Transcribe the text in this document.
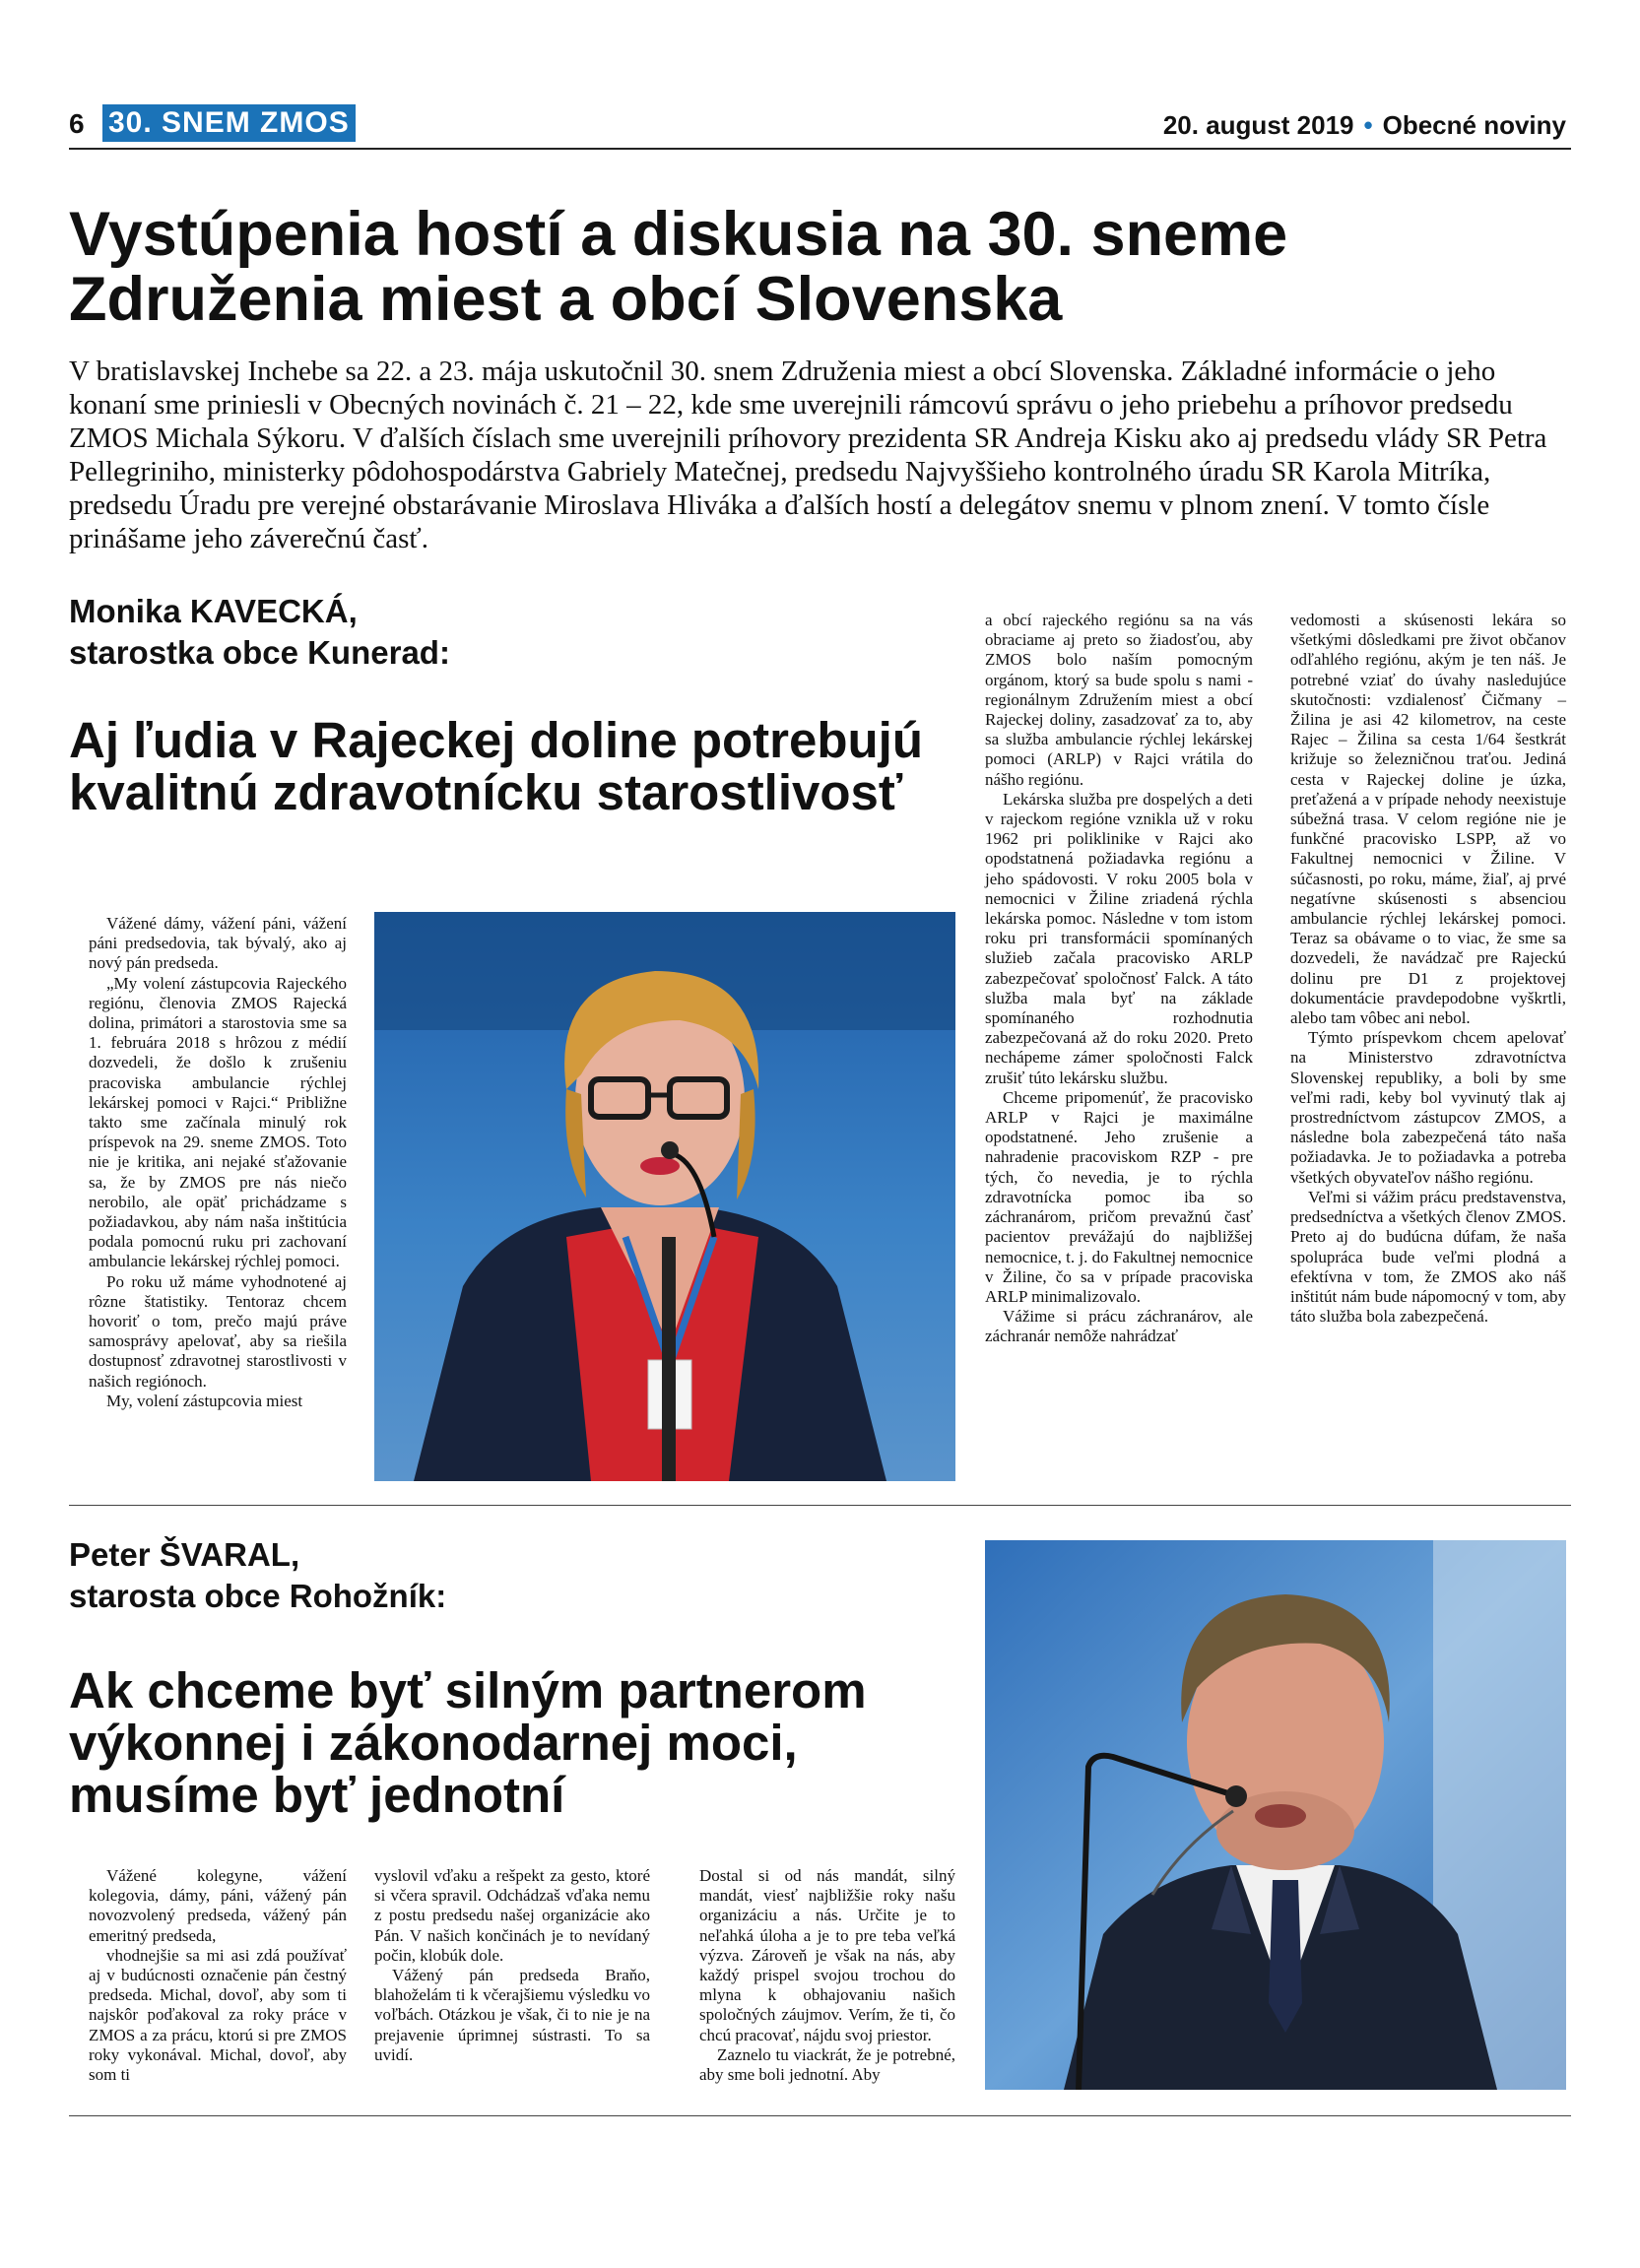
6 30. SNEM ZMOS	20. august 2019 • Obecné noviny
Vystúpenia hostí a diskusia na 30. sneme Združenia miest a obcí Slovenska

V bratislavskej Inchebe sa 22. a 23. mája uskutočnil 30. snem Združenia miest a obcí Slovenska. Základné informácie o jeho konaní sme priniesli v Obecných novinách č. 21 – 22, kde sme uverejnili rámcovú správu o jeho priebehu a príhovor predsedu ZMOS Michala Sýkoru. V ďalších číslach sme uverejnili príhovory prezidenta SR Andreja Kisku ako aj predsedu vlády SR Petra Pellegriniho, ministerky pôdohospodárstva Gabriely Matečnej, predsedu Najvyššieho kontrolného úradu SR Karola Mitríka, predsedu Úradu pre verejné obstarávanie Miroslava Hliváka a ďalších hostí a delegátov snemu v plnom znení. V tomto čísle prinášame jeho záverečnú časť.

Monika KAVECKÁ,

starostka obce Kunerad:

Aj ľudia v Rajeckej doline potrebujú kvalitnú zdravotnícku starostlivosť

Vážené dámy, vážení páni, vážení páni predsedovia, tak bývalý, ako aj nový pán predseda.

„My volení zástupcovia Rajeckého regiónu, členovia ZMOS Rajecká dolina, primátori a starostovia sme sa 1. februára 2018 s hrôzou z médií dozvedeli, že došlo k zrušeniu pracoviska ambulancie rýchlej lekárskej pomoci v Rajci.“ Približne takto sme začínala minulý rok príspevok na 29. sneme ZMOS. Toto nie je kritika, ani nejaké sťažovanie sa, že by ZMOS pre nás niečo nerobilo, ale opäť prichádzame s požiadavkou, aby nám naša inštitúcia podala pomocnú ruku pri zachovaní ambulancie lekárskej rýchlej pomoci.

Po roku už máme vyhodnotené aj rôzne štatistiky. Tentoraz chcem hovoriť o tom, prečo majú práve samosprávy apelovať, aby sa riešila dostupnosť zdravotnej starostlivosti v našich regiónoch.

My, volení zástupcovia miest

a obcí rajeckého regiónu sa na vás obraciame aj preto so žiadosťou, aby ZMOS bolo naším pomocným orgánom, ktorý sa bude spolu s nami - regionálnym Združením miest a obcí Rajeckej doliny, zasadzovať za to, aby sa služba ambulancie rýchlej lekárskej pomoci (ARLP) v Rajci vrátila do nášho regiónu.

Lekárska služba pre dospelých a deti v rajeckom regióne vznikla už v roku 1962 pri poliklinike v Rajci ako opodstatnená požiadavka regiónu a jeho spádovosti. V roku 2005 bola v nemocnici v Žiline zriadená rýchla lekárska pomoc. Následne v tom istom roku pri transformácii spomínaných služieb začala pracovisko ARLP zabezpečovať spoločnosť Falck. A táto služba mala byť na základe spomínaného rozhodnutia zabezpečovaná až do roku 2020. Preto nechápeme zámer spoločnosti Falck zrušiť túto lekársku službu.

Chceme pripomenúť, že pracovisko ARLP v Rajci je maximálne opodstatnené. Jeho zrušenie a nahradenie pracoviskom RZP - pre tých, čo nevedia, je to rýchla zdravotnícka pomoc iba so záchranárom, pričom prevažnú časť pacientov prevážajú do najbližšej nemocnice, t. j. do Fakultnej nemocnice v Žiline, čo sa v prípade pracoviska ARLP minimalizovalo.

Vážime si prácu záchranárov, ale záchranár nemôže nahrádzať

vedomosti a skúsenosti lekára so všetkými dôsledkami pre život občanov odľahlého regiónu, akým je ten náš. Je potrebné vziať do úvahy nasledujúce skutočnosti: vzdialenosť Čičmany – Žilina je asi 42 kilometrov, na ceste Rajec – Žilina sa cesta 1/64 šestkrát križuje so železničnou traťou. Jediná cesta v Rajeckej doline je úzka, preťažená a v prípade nehody neexistuje súbežná trasa. V celom regióne nie je funkčné pracovisko LSPP, až vo Fakultnej nemocnici v Žiline. V súčasnosti, po roku, máme, žiaľ, aj prvé negatívne skúsenosti s absenciou ambulancie rýchlej lekárskej pomoci. Teraz sa obávame o to viac, že sme sa dozvedeli, že navádzač pre Rajeckú dolinu pre D1 z projektovej dokumentácie pravdepodobne vyškrtli, alebo tam vôbec ani nebol.

Týmto príspevkom chcem apelovať na Ministerstvo zdravotníctva Slovenskej republiky, a boli by sme veľmi radi, keby bol vyvinutý tlak aj prostredníctvom zástupcov ZMOS, a následne bola zabezpečená táto naša požiadavka. Je to požiadavka a potreba všetkých obyvateľov nášho regiónu.

Veľmi si vážim prácu predstavenstva, predsedníctva a všetkých členov ZMOS. Preto aj do budúcna dúfam, že naša spolupráca bude veľmi plodná a efektívna v tom, že ZMOS ako náš inštitút nám bude nápomocný v tom, aby táto služba bola zabezpečená.

Peter ŠVARAL,

starosta obce Rohožník:

Ak chceme byť silným partnerom výkonnej i zákonodarnej moci, musíme byť jednotní

Vážené kolegyne, vážení kolegovia, dámy, páni, vážený pán novozvolený predseda, vážený pán emeritný predseda,

vhodnejšie sa mi asi zdá používať aj v budúcnosti označenie pán čestný predseda. Michal, dovoľ, aby som ti najskôr poďakoval za roky práce v ZMOS a za prácu, ktorú si pre ZMOS roky vykonával. Michal, dovoľ, aby som ti

vyslovil vďaku a rešpekt za gesto, ktoré si včera spravil. Odchádzaš vďaka nemu z postu predsedu našej organizácie ako Pán. V našich končinách je to nevídaný počin, klobúk dole.

Vážený pán predseda Braňo, blahoželám ti k včerajšiemu výsledku vo voľbách. Otázkou je však, či to nie je na prejavenie úprimnej sústrasti. To sa uvidí.

Dostal si od nás mandát, silný mandát, viesť najbližšie roky našu organizáciu a nás. Určite je to neľahká úloha a je to pre teba veľká výzva. Zároveň je však na nás, aby každý prispel svojou trochou do mlyna k obhajovaniu našich spoločných záujmov. Verím, že ti, čo chcú pracovať, nájdu svoj priestor.

Zaznelo tu viackrát, že je potrebné, aby sme boli jednotní. Aby
